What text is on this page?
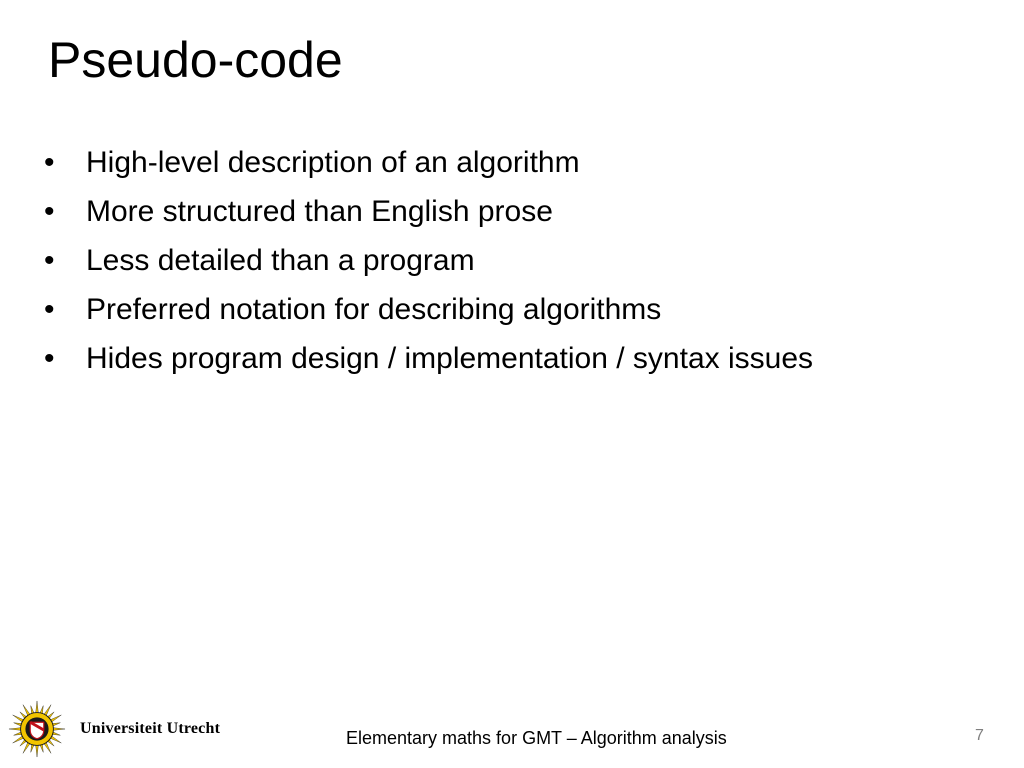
Pseudo-code
•	High-level description of an algorithm
•	More structured than English prose
•	Less detailed than a program
•	Preferred notation for describing algorithms
•	Hides program design / implementation / syntax issues
Universiteit Utrecht	Elementary maths for GMT – Algorithm analysis	7
